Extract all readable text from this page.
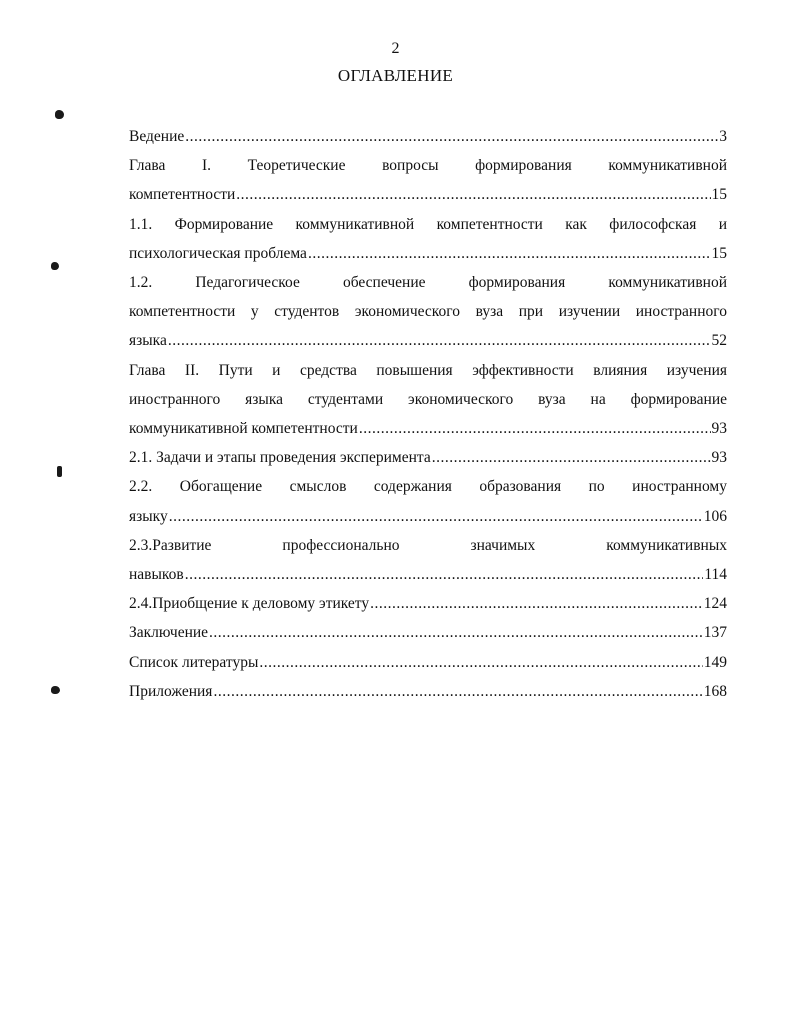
2
ОГЛАВЛЕНИЕ
Ведение .....	3
Глава I. Теоретические вопросы формирования коммуникативной
компетентности .....	15
1.1. Формирование коммуникативной компетентности как философская и
психологическая проблема .....	15
1.2. Педагогическое обеспечение формирования коммуникативной
компетентности у студентов экономического вуза при изучении иностранного
языка .....	52
Глава II. Пути и средства повышения эффективности влияния изучения
иностранного языка студентами экономического вуза на формирование
коммуникативной компетентности .....	93
2.1. Задачи и этапы проведения эксперимента .....	93
2.2. Обогащение смыслов содержания образования по иностранному
языку .....	106
2.3.Развитие профессионально значимых коммуникативных
навыков .....	114
2.4.Приобщение к деловому этикету .....	124
Заключение .....	137
Список литературы .....	149
Приложения .....	168
